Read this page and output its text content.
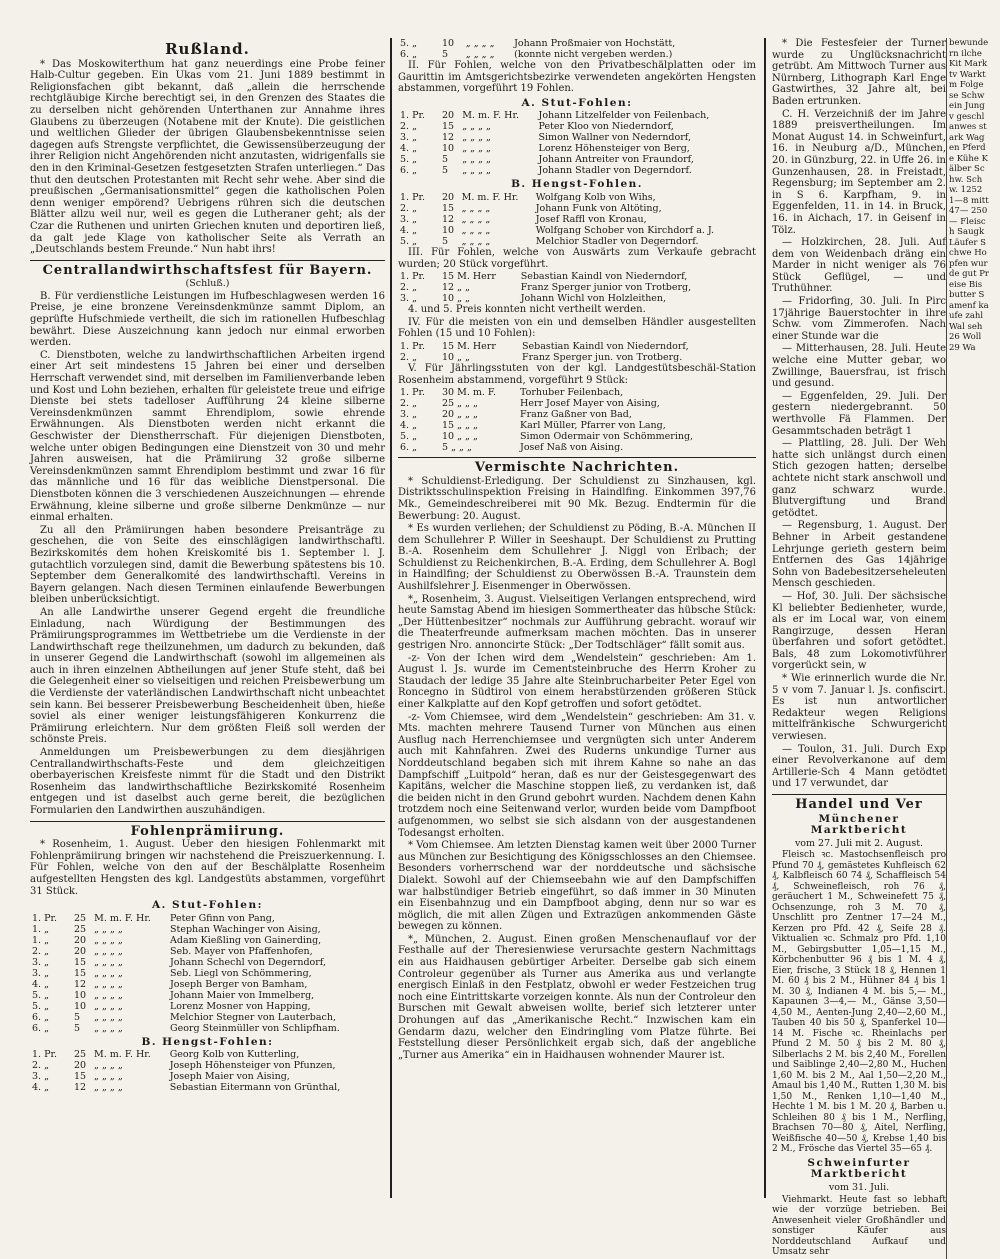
Rußland.

* Das Moskowiterthum hat ganz neuerdings eine Probe feiner Halb-Cultur gegeben. Ein Ukas vom 21. Juni 1889 bestimmt in Religionsfachen gibt bekannt, daß „allein die herrschende rechtgläubige Kirche berechtigt sei, in den Grenzen des Staates die zu derselben nicht gehörenden Unterthanen zur Annahme ihres Glaubens zu überzeugen (Notabene mit der Knute). Die geistlichen und weltlichen Glieder der übrigen Glaubensbekenntnisse seien dagegen aufs Strengste verpflichtet, die Gewissensüberzeugung der ihrer Religion nicht Angehörenden nicht anzutasten, widrigenfalls sie den in den Kriminal-Gesetzen festgesetzten Strafen unterliegen.“ Das thut den deutschen Protestanten mit Recht sehr wehe. Aber sind die preußischen „Germanisationsmittel“ gegen die katholischen Polen denn weniger empörend? Uebrigens rühren sich die deutschen Blätter allzu weil nur, weil es gegen die Lutheraner geht; als der Czar die Ruthenen und unirten Griechen knuten und deportiren ließ, da galt jede Klage von katholischer Seite als Verrath an „Deutschlands bestem Freunde.“ Nun habt ihrs!

Centrallandwirthschaftsfest für Bayern.
(Schluß.)

B. Für verdienstliche Leistungen im Hufbeschlagwesen werden 16 Preise, je eine bronzene Vereinsdenkmünze sammt Diplom, an geprüfte Hufschmiede vertheilt, die sich im rationellen Hufbeschlag bewährt. Diese Auszeichnung kann jedoch nur einmal erworben werden.

C. Dienstboten, welche zu landwirthschaftlichen Arbeiten irgend einer Art seit mindestens 15 Jahren bei einer und derselben Herrschaft verwendet sind, mit derselben im Familienverbande leben und Kost und Lohn beziehen, erhalten für geleistete treue und eifrige Dienste bei stets tadelloser Aufführung 24 kleine silberne Vereinsdenkmünzen sammt Ehrendiplom, sowie ehrende Erwähnungen. Als Dienstboten werden nicht erkannt die Geschwister der Dienstherrschaft. Für diejenigen Dienstboten, welche unter obigen Bedingungen eine Dienstzeit von 30 und mehr Jahren ausweisen, hat die Prämiirung 32 große silberne Vereinsdenkmünzen sammt Ehrendiplom bestimmt und zwar 16 für das männliche und 16 für das weibliche Dienstpersonal. Die Dienstboten können die 3 verschiedenen Auszeichnungen — ehrende Erwähnung, kleine silberne und große silberne Denkmünze — nur einmal erhalten.

Zu all den Prämiirungen haben besondere Preisanträge zu geschehen, die von Seite des einschlägigen landwirthschaftl. Bezirkskomités dem hohen Kreiskomité bis 1. September l. J. gutachtlich vorzulegen sind, damit die Bewerbung spätestens bis 10. September dem Generalkomité des landwirthschaftl. Vereins in Bayern gelangen. Nach diesen Terminen einlaufende Bewerbungen bleiben unberücksichtigt.

An alle Landwirthe unserer Gegend ergeht die freundliche Einladung, nach Würdigung der Bestimmungen des Prämiirungsprogrammes im Wettbetriebe um die Verdienste in der Landwirthschaft rege theilzunehmen, um dadurch zu bekunden, daß in unserer Gegend die Landwirthschaft (sowohl im allgemeinen als auch in ihren einzelnen Abtheilungen auf jener Stufe steht, daß bei die Gelegenheit einer so vielseitigen und reichen Preisbewerbung um die Verdienste der vaterländischen Landwirthschaft nicht unbeachtet sein kann. Bei besserer Preisbewerbung Bescheidenheit üben, hieße soviel als einer weniger leistungsfähigeren Konkurrenz die Prämiirung erleichtern. Nur dem größten Fleiß soll werden der schönste Preis.

Anmeldungen um Preisbewerbungen zu dem diesjährigen Centrallandwirthschafts-Feste und dem gleichzeitigen oberbayerischen Kreisfeste nimmt für die Stadt und den Distrikt Rosenheim das landwirthschaftliche Bezirkskomité Rosenheim entgegen und ist daselbst auch gerne bereit, die bezüglichen Formularien den Landwirthen auszuhändigen.

Fohlenprämiirung.

* Rosenheim, 1. August. Ueber den hiesigen Fohlenmarkt mit Fohlenprämiirung bringen wir nachstehend die Preiszuerkennung. I. Für Fohlen, welche von den auf der Beschälplatte Rosenheim aufgestellten Hengsten des kgl. Landgestüts abstammen, vorgeführt 31 Stück.

A. Stut-Fohlen:
1. Pr.	25	M. m. F. Hr.	Peter Gfinn von Pang,
1. „	25	„ „ „ „	Stephan Wachinger von Aising,
1. „	20	„ „ „ „	Adam Kießling von Gainerding,
2. „	20	„ „ „ „	Seb. Mayer von Pfaffenhofen,
3. „	15	„ „ „ „	Johann Schechl von Degerndorf,
3. „	15	„ „ „ „	Seb. Liegl von Schömmering,
4. „	12	„ „ „ „	Joseph Berger von Bamham,
5. „	10	„ „ „ „	Johann Maier von Immelberg,
5. „	10	„ „ „ „	Lorenz Mosner von Happing,
6. „	5	„ „ „ „	Melchior Stegner von Lauterbach,
6. „	5	„ „ „ „	Georg Steinmüller von Schlipfham.
B. Hengst-Fohlen:
1. Pr.	25	M. m. F. Hr.	Georg Kolb von Kutterling,
2. „	20	„ „ „ „	Joseph Höhensteiger von Pfunzen,
3. „	15	„ „ „ „	Joseph Maier von Aising,
4. „	12	„ „ „ „	Sebastian Eitermann von Grünthal,
5. „	10	„ „ „ „	Johann Proßmaier von Hochstätt,
6. „	5	„ „ „ „	(konnte nicht vergeben werden.)

II. Für Fohlen, welche von den Privatbeschälplatten oder im Gaurittin im Amtsgerichtsbezirke verwendeten angekörten Hengsten abstammen, vorgeführt 19 Fohlen.

A. Stut-Fohlen:
1. Pr.	20	M. m. F. Hr.	Johann Litzelfelder von Feilenbach,
2. „	15	„ „ „ „	Peter Kloo von Niederndorf,
3. „	12	„ „ „ „	Simon Wallner von Nederndorf,
4. „	10	„ „ „ „	Lorenz Höhensteiger von Berg,
5. „	5	„ „ „ „	Johann Antreiter von Fraundorf,
6. „	5	„ „ „ „	Johann Stadler von Degerndorf.
B. Hengst-Fohlen.
1. Pr.	20	M. m. F. Hr.	Wolfgang Kolb von Wihs,
2. „	15	„ „ „ „	Johann Funk von Altöting,
3. „	12	„ „ „ „	Josef Raffl von Kronau,
4. „	10	„ „ „ „	Wolfgang Schober von Kirchdorf a. J.
5. „	5	„ „ „ „	Melchior Stadler von Degerndorf.

III. Für Fohlen, welche von Auswärts zum Verkaufe gebracht wurden; 20 Stück vorgeführt.

1. Pr.	15 M. Herr	Sebastian Kaindl von Niederndorf,
2. „	12 „ „	Franz Sperger junior von Trotberg,
3. „	10 „ „	Johann Wichl von Holzleithen,

4. und 5. Preis konnten nicht vertheilt werden.

IV. Für die meisten von ein und demselben Händler ausgestellten Fohlen (15 und 10 Fohlen):

1. Pr.	15 M. Herr	Sebastian Kaindl von Niederndorf,
2. „	10 „ „	Franz Sperger jun. von Trotberg.

V. Für Jährlingsstuten von der kgl. Landgestütsbeschäl-Station Rosenheim abstammend, vorgeführt 9 Stück:

1. Pr.	30 M. m. F.	Torhuber Feilenbach,
2. „	25 „ „ „	Herr Josef Mayer von Aising,
3. „	20 „ „ „	Franz Gaßner von Bad,
4. „	15 „ „ „	Karl Müller, Pfarrer von Lang,
5. „	10 „ „ „	Simon Odermair von Schömmering,
6. „	5 „ „ „	Josef Naß von Aising.
Vermischte Nachrichten.

* Schuldienst-Erledigung. Der Schuldienst zu Sinzhausen, kgl. Distriktsschulinspektion Freising in Haindlfing. Einkommen 397,76 Mk., Gemeindeschreiberei mit 90 Mk. Bezug. Endtermin für die Bewerbung: 20. August.

* Es wurden verliehen; der Schuldienst zu Pöding, B.-A. München II dem Schullehrer P. Willer in Seeshaupt. Der Schuldienst zu Prutting B.-A. Rosenheim dem Schullehrer J. Niggl von Erlbach; der Schuldienst zu Reichenkirchen, B.-A. Erding, dem Schullehrer A. Bogl in Haindlfing; der Schuldienst zu Oberwössen B.-A. Traunstein dem Aushilfslehrer J. Eisenmenger in Oberwössen.

*„ Rosenheim, 3. August. Vielseitigen Verlangen entsprechend, wird heute Samstag Abend im hiesigen Sommertheater das hübsche Stück: „Der Hüttenbesitzer“ nochmals zur Aufführung gebracht. worauf wir die Theaterfreunde aufmerksam machen möchten. Das in unserer gestrigen Nro. annoncirte Stück: „Der Todtschläger“ fällt somit aus.

-z- Von der Ichen wird dem „Wendelstein“ geschrieben: Am 1. August l. Js. wurde im Cementsteinbruche des Herrn Kroher zu Staudach der ledige 35 Jahre alte Steinbrucharbeiter Peter Egel von Roncegno in Südtirol von einem herabstürzenden größeren Stück einer Kalkplatte auf den Kopf getroffen und sofort getödtet.

-z- Vom Chiemsee, wird dem „Wendelstein“ geschrieben: Am 31. v. Mts. machten mehrere Tausend Turner von München aus einen Ausflug nach Herrenchiemsee und vergnügten sich unter Anderem auch mit Kahnfahren. Zwei des Ruderns unkundige Turner aus Norddeutschland begaben sich mit ihrem Kahne so nahe an das Dampfschiff „Luitpold“ heran, daß es nur der Geistesgegenwart des Kapitäns, welcher die Maschine stoppen ließ, zu verdanken ist, daß die beiden nicht in den Grund gebohrt wurden. Nachdem denen Kahn trotzdem noch eine Seitenwand verlor, wurden beide vom Dampfboot aufgenommen, wo selbst sie sich alsdann von der ausgestandenen Todesangst erholten.

* Vom Chiemsee. Am letzten Dienstag kamen weit über 2000 Turner aus München zur Besichtigung des Königsschlosses an den Chiemsee. Besonders vorherrschend war der norddeutsche und sächsische Dialekt. Sowohl auf der Chiemseebahn wie auf den Dampfschiffen war halbstündiger Betrieb eingeführt, so daß immer in 30 Minuten ein Eisenbahnzug und ein Dampfboot abging, denn nur so war es möglich, die mit allen Zügen und Extrazügen ankommenden Gäste bewegen zu können.

*„ München, 2. August. Einen großen Menschenauflauf vor der Festhalle auf der Theresienwiese verursachte gestern Nachmittags ein aus Haidhausen gebürtiger Arbeiter. Derselbe gab sich einem Controleur gegenüber als Turner aus Amerika aus und verlangte energisch Einlaß in den Festplatz, obwohl er weder Festzeichen trug noch eine Eintrittskarte vorzeigen konnte. Als nun der Controleur den Burschen mit Gewalt abweisen wollte, berief sich letzterer unter Drohungen auf das „Amerikanische Recht.“ Inzwischen kam ein Gendarm dazu, welcher den Eindringling vom Platze führte. Bei Feststellung dieser Persönlichkeit ergab sich, daß der angebliche „Turner aus Amerika“ ein in Haidhausen wohnender Maurer ist.

* Die Festesfeier der Turner wurde zu Unglücksnachricht getrübt. Am Mittwoch Turner aus Nürnberg, Lithograph Karl Enge Gastwirthes, 32 Jahre alt, bei Baden ertrunken.

C. H. Verzeichniß der im Jahre 1889 preisvertheilungen. Im Monat August 14. in Schweinfurt, 16. in Neuburg a/D., München, 20. in Günzburg, 22. in Uffe 26. in Gunzenhausen, 28. in Freistadt, Regensburg; im September am 2. in S 6. Karpfham, 9. in Eggenfelden, 11. in 14. in Bruck, 16. in Aichach, 17. in Geisenf in Tölz.

— Holzkirchen, 28. Juli. Auf dem von Weidenbach dräng ein Marder in nicht weniger als 76 Stück Geflügel, — und Truthühner.

— Fridorfing, 30. Juli. In Pirc 17jährige Bauerstochter in ihre Schw. vom Zimmerofen. Nach einer Stunde war die

— Mitterhausen, 28. Juli. Heute welche eine Mutter gebar, wo Zwillinge, Bauersfrau, ist frisch und gesund.

— Eggenfelden, 29. Juli. Der gestern niedergebrannt. 50 werthvolle Fä Flammen. Der Gesammtschaden beträgt 1

— Plattling, 28. Juli. Der Weh hatte sich unlängst durch einen Stich gezogen hatten; derselbe achtete nicht stark anschwoll und ganz schwarz wurde. Blutvergiftung und Brand getödtet.

— Regensburg, 1. August. Der Behner in Arbeit gestandene Lehrjunge gerieth gestern beim Entfernen des Gas 14jährige Sohn von Badebesitzerseheleuten Mensch geschieden.

— Hof, 30. Juli. Der sächsische Kl beliebter Bedienheter, wurde, als er im Local war, von einem Rangirzuge, dessen Heran überfahren und sofort getödtet. Bals, 48 zum Lokomotivführer vorgerückt sein, w

* Wie erinnerlich wurde die Nr. 5 v vom 7. Januar l. Js. confiscirt. Es ist nun antwortlicher Redakteur wegen Religions mittelfränkische Schwurgericht verwiesen.

— Toulon, 31. Juli. Durch Exp einer Revolverkanone auf dem Artillerie-Sch 4 Mann getödtet und 17 verwundet, dar

Handel und Ver
Münchener Marktbericht
vom 27. Juli mit 2. August.

Fleisch ꝛc. Mastochsenfleisch pro Pfund 70 ₰, gemästetes Kuhfleisch 62 ₰, Kalbfleisch 60 74 ₰, Schaffleisch 54 ₰, Schweinefleisch, roh 76 ₰, geräuchert 1 M., Schweinefett 75 ₰, Ochsenzunge, roh 3 M. 70 ₰, Unschlitt pro Zentner 17—24 M., Kerzen pro Pfd. 42 ₰, Seife 28 ₰. Viktualien ꝛc. Schmalz pro Pfd. 1,10 M., Gebirgsbutter 1,05—1,15 M., Körbchenbutter 96 ₰ bis 1 M. 4 ₰, Eier, frische, 3 Stück 18 ₰, Hennen 1 M. 60 ₰ bis 2 M., Hühner 84 ₰ bis 1 M. 30 ₰, Indianen 4 M. bis 5,— M., Kapaunen 3—4,— M., Gänse 3,50—4,50 M., Aenten-Jung 2,40—2,60 M., Tauben 40 bis 50 ₰, Spanferkel 10—14 M. Fische ꝛc. Rheinlachs per Pfund 2 M. 50 ₰ bis 2 M. 80 ₰, Silberlachs 2 M. bis 2,40 M., Forellen und Saiblinge 2,40—2,80 M., Huchen 1,60 M. bis 2 M., Aal 1,50—2,20 M., Amaul bis 1,40 M., Rutten 1,30 M. bis 1,50 M., Renken 1,10—1,40 M., Hechte 1 M. bis 1 M. 20 ₰, Barben u. Schleihen 80 ₰ bis 1 M., Nerfling, Brachsen 70—80 ₰, Aitel, Nerfling, Weißfische 40—50 ₰, Krebse 1,40 bis 2 M., Frösche das Viertel 35—65 ₰.

Schweinfurter Marktbericht
vom 31. Juli.

Viehmarkt. Heute fast so lebhaft wie der vorzüge betrieben. Bei Anwesenheit vieler Großhändler und sonstiger Käufer aus Norddeutschland Aufkauf und Umsatz sehr

bewundern ilche Kit Marktv Warktm Folge se Schwein Jungv geschl anwes stark Wagen Pferde Kühe Kälber Schw. Schw. 1252 1—8 mitt 47— 250— Fleisch Saugk Läufer Schwe Hopfen wurde gut Preise Bis butter Samenf kaufe zahl Wal seh 26 Woll 29 Wa
